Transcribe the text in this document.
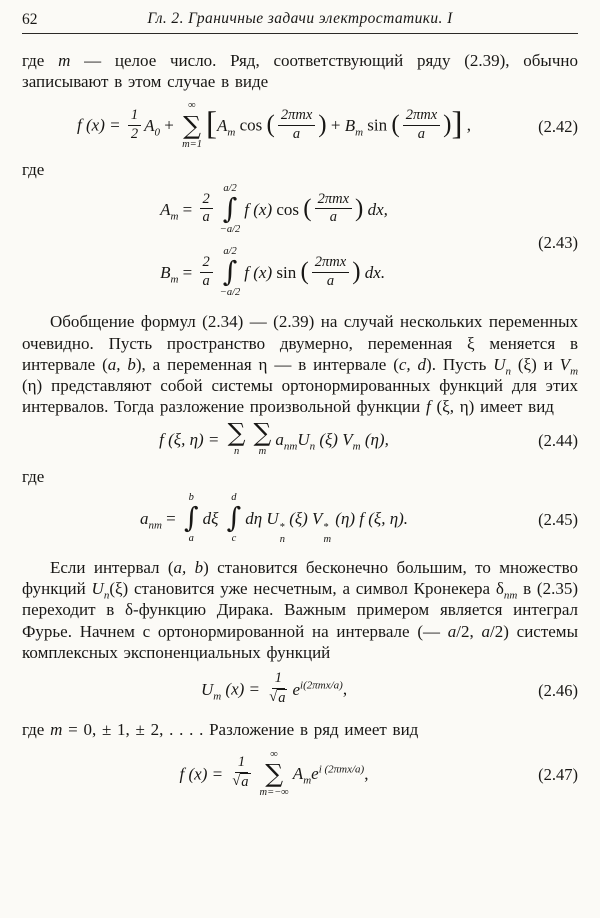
62	Гл. 2. Граничные задачи электростатики. I

где m — целое число. Ряд, соответствующий ряду (2.39), обычно записывают в этом случае в виде

f $(x) = \frac{1}{2} A_0$ +
∞
∑
m=1
[$A_m$ cos ( $\frac{\text{2πmx}}{a}$ ) + $B_m$ sin ( $\frac{\text{2πmx}}{a}$ )] ,	(2.42)

где

$A_m = \frac{2}{a}$
a/2
∫
−a/2
f (x) cos ( $\frac{\text{2πmx}}{a}$ ) dx,
$B_m = \frac{2}{a}$
a/2
∫
−a/2
f (x) sin ( $\frac{\text{2πmx}}{a}$ ) dx.
(2.43)

Обобщение формул (2.34) — (2.39) на случай нескольких переменных очевидно. Пусть пространство двумерно, переменная ξ меняется в интервале (a, b), а переменная η — в интервале (c, d). Пусть $U_n$ (ξ) и $V_m$ (η) представляют собой системы ортонормированных функций для этих интервалов. Тогда разложение произвольной функции f (ξ, η) имеет вид

f (ξ, η) = ∑
n
∑
m
$a_{nm}U_n$ (ξ) $V_m$ (η),	(2.44)

где

$a_{nm}$ =
b
∫
a
dξ
d
∫
c
dη U *
n
(ξ) V *
m
(η) f (ξ, η).	(2.45)

Если интервал (a, b) становится бесконечно большим, то множество функций $U_n(\xi)$ становится уже несчетным, а символ Кронекера $\delta_{nm}$ в (2.35) переходит в δ-функцию Дирака. Важным примером является интеграл Фурье. Начнем с ортонормированной на интервале (— a/2, a/2) системы комплексных экспоненциальных функций

$U_m$ $(x) = \frac{1}{√ a} e^{i(2\pi mx/a)}$,	(2.46)

где m = 0, ± 1, ± 2, . . . . Разложение в ряд имеет вид

f $(x) = \frac{1}{√ a}$
∞
∑
m=−∞
$A_me^{i (2\pi mx/a)}$,	(2.47)
